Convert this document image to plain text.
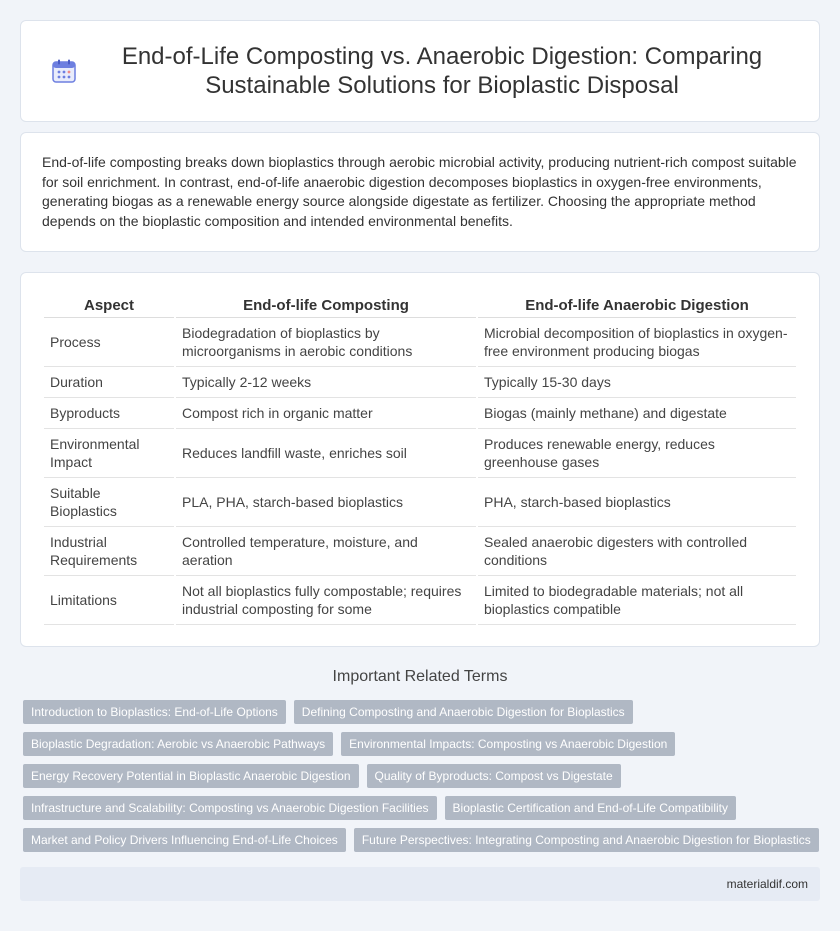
End-of-Life Composting vs. Anaerobic Digestion: Comparing Sustainable Solutions for Bioplastic Disposal

End-of-life composting breaks down bioplastics through aerobic microbial activity, producing nutrient-rich compost suitable for soil enrichment. In contrast, end-of-life anaerobic digestion decomposes bioplastics in oxygen-free environments, generating biogas as a renewable energy source alongside digestate as fertilizer. Choosing the appropriate method depends on the bioplastic composition and intended environmental benefits.

Aspect	End-of-life Composting	End-of-life Anaerobic Digestion
Process	Biodegradation of bioplastics by microorganisms in aerobic conditions	Microbial decomposition of bioplastics in oxygen-free environment producing biogas
Duration	Typically 2-12 weeks	Typically 15-30 days
Byproducts	Compost rich in organic matter	Biogas (mainly methane) and digestate
Environmental Impact	Reduces landfill waste, enriches soil	Produces renewable energy, reduces greenhouse gases
Suitable Bioplastics	PLA, PHA, starch-based bioplastics	PHA, starch-based bioplastics
Industrial Requirements	Controlled temperature, moisture, and aeration	Sealed anaerobic digesters with controlled conditions
Limitations	Not all bioplastics fully compostable; requires industrial composting for some	Limited to biodegradable materials; not all bioplastics compatible
Important Related Terms
Introduction to Bioplastics: End-of-Life Options	Defining Composting and Anaerobic Digestion for Bioplastics
Bioplastic Degradation: Aerobic vs Anaerobic Pathways	Environmental Impacts: Composting vs Anaerobic Digestion
Energy Recovery Potential in Bioplastic Anaerobic Digestion	Quality of Byproducts: Compost vs Digestate
Infrastructure and Scalability: Composting vs Anaerobic Digestion Facilities	Bioplastic Certification and End-of-Life Compatibility
Market and Policy Drivers Influencing End-of-Life Choices	Future Perspectives: Integrating Composting and Anaerobic Digestion for Bioplastics
materialdif.com
